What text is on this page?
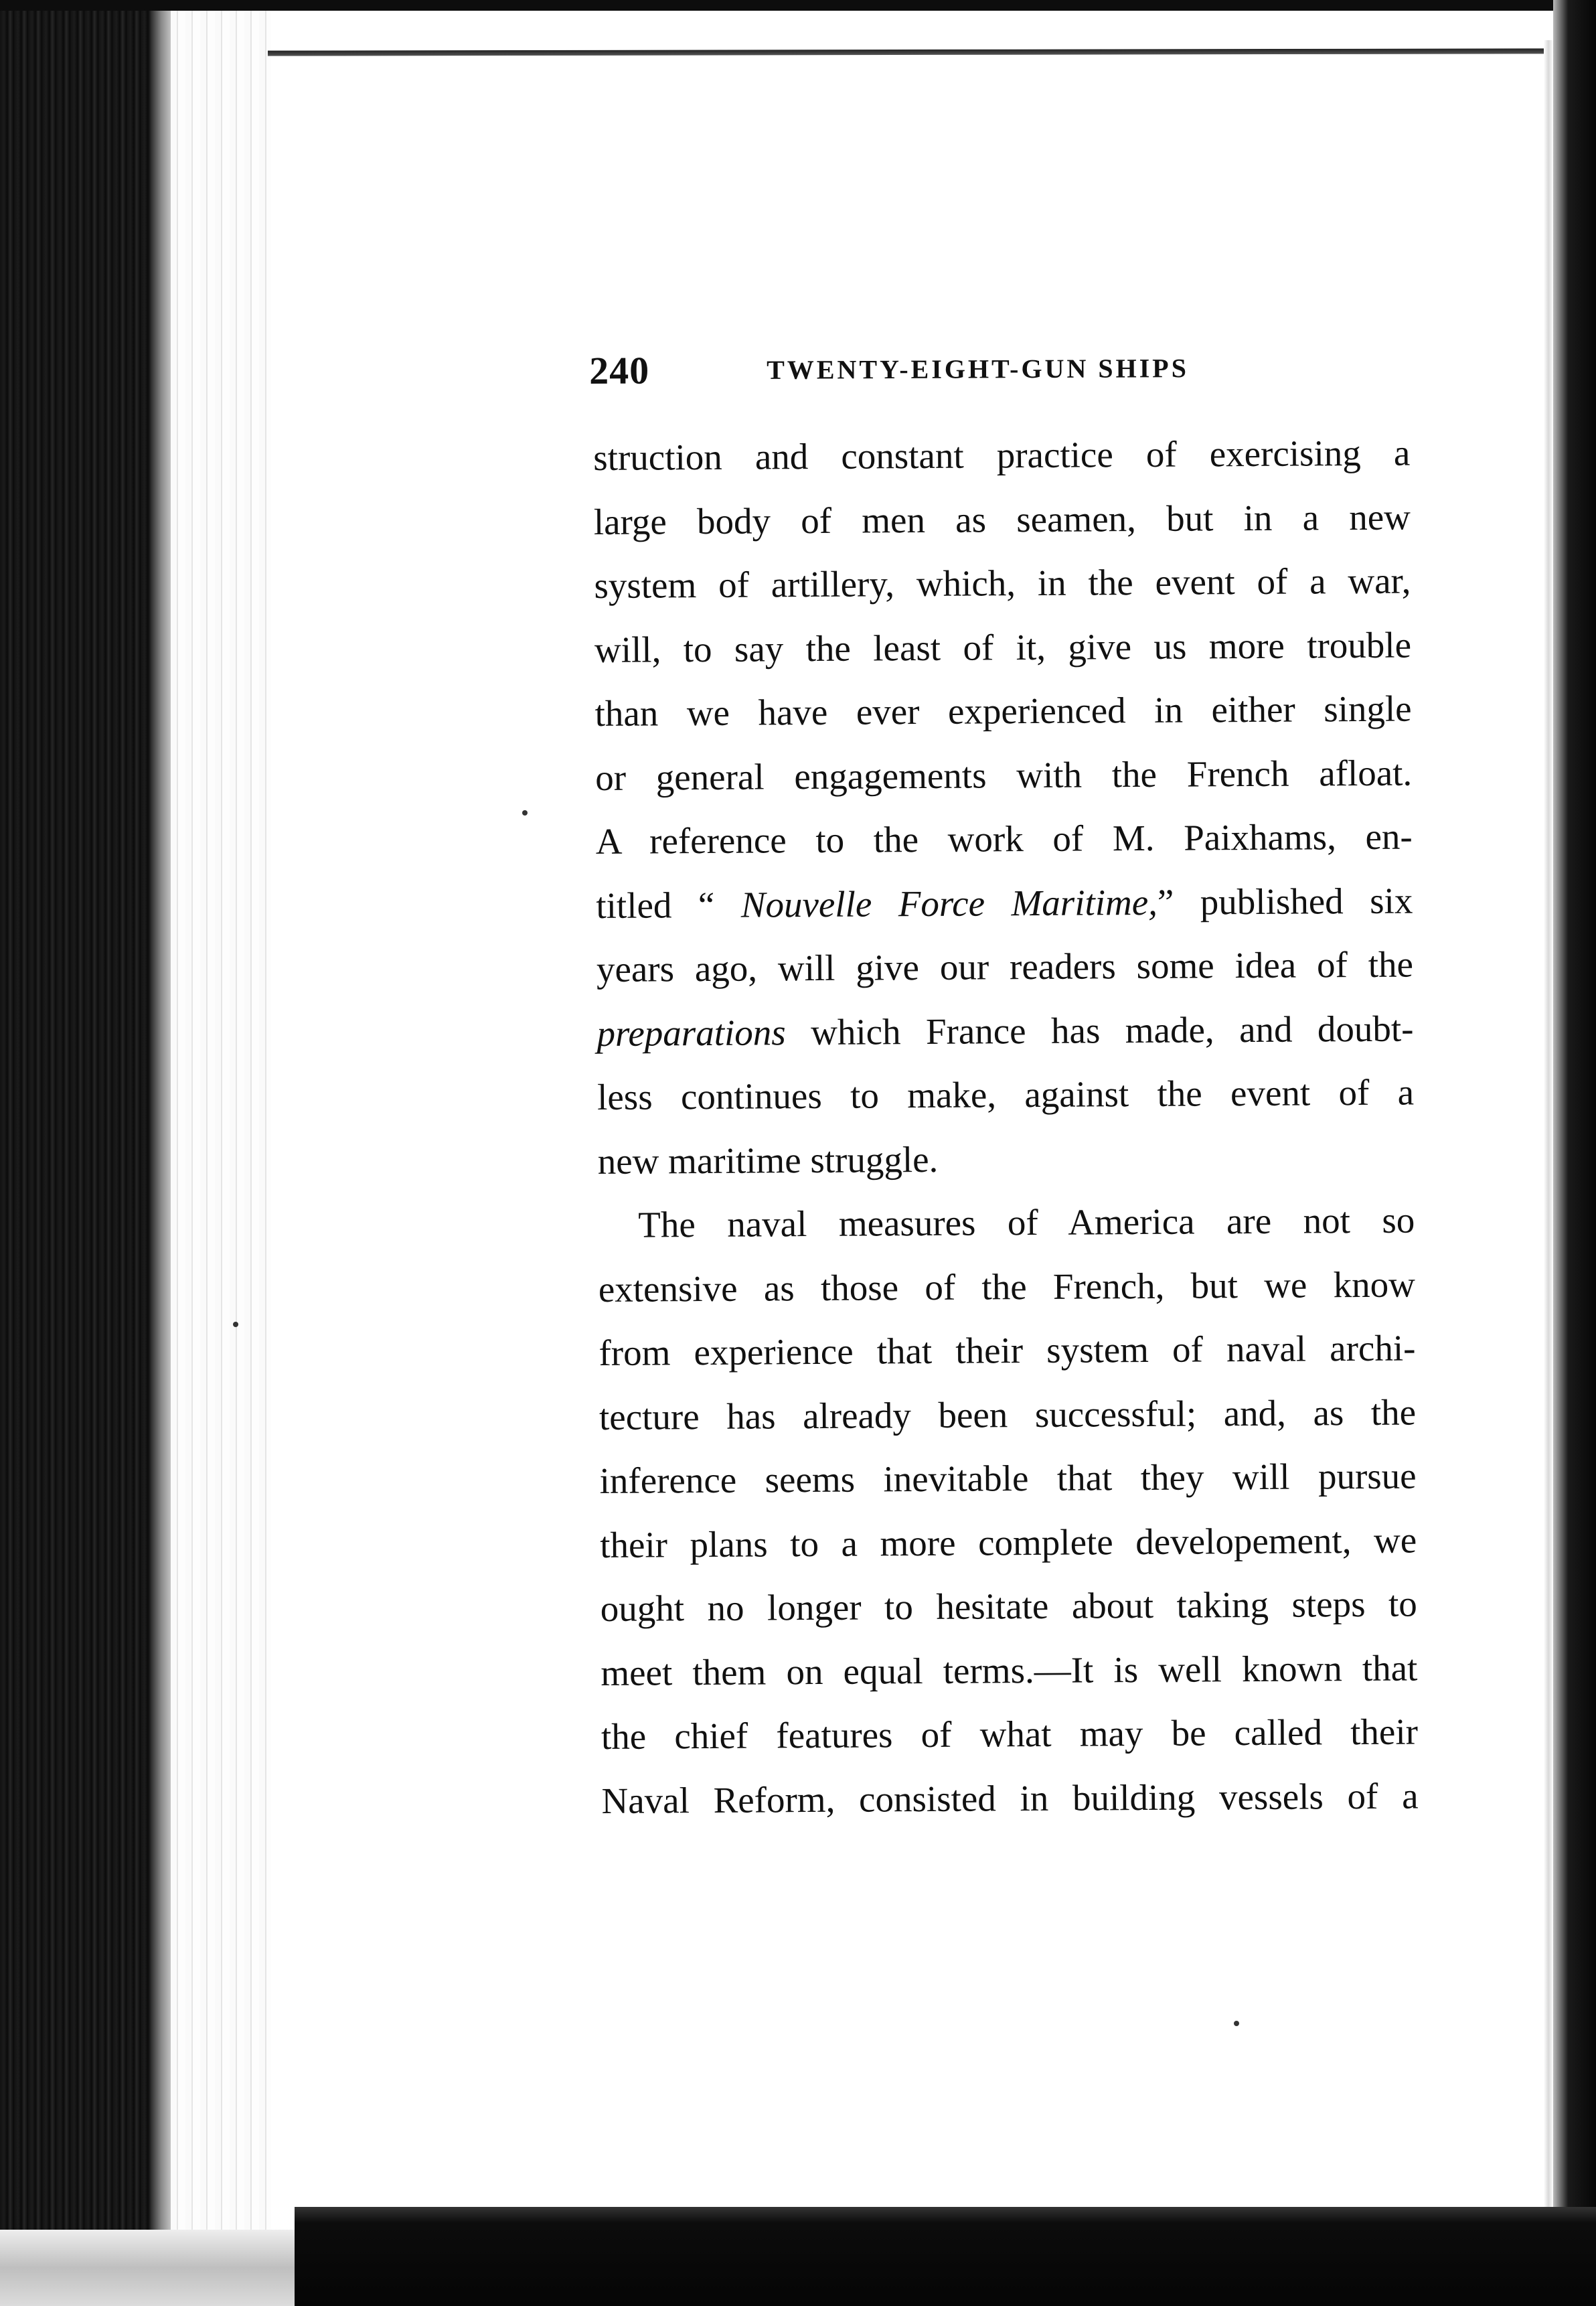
240	TWENTY-EIGHT-GUN SHIPS
struction and constant practice of exercising a
large body of men as seamen, but in a new
system of artillery, which, in the event of a war,
will, to say the least of it, give us more trouble
than we have ever experienced in either single
or general engagements with the French afloat.
A reference to the work of M. Paixhams, en-
titled “ Nouvelle Force Maritime,” published six
years ago, will give our readers some idea of the
preparations which France has made, and doubt-
less continues to make, against the event of a
new maritime struggle.
The naval measures of America are not so
extensive as those of the French, but we know
from experience that their system of naval archi-
tecture has already been successful; and, as the
inference seems inevitable that they will pursue
their plans to a more complete developement, we
ought no longer to hesitate about taking steps to
meet them on equal terms.—It is well known that
the chief features of what may be called their
Naval Reform, consisted in building vessels of a
